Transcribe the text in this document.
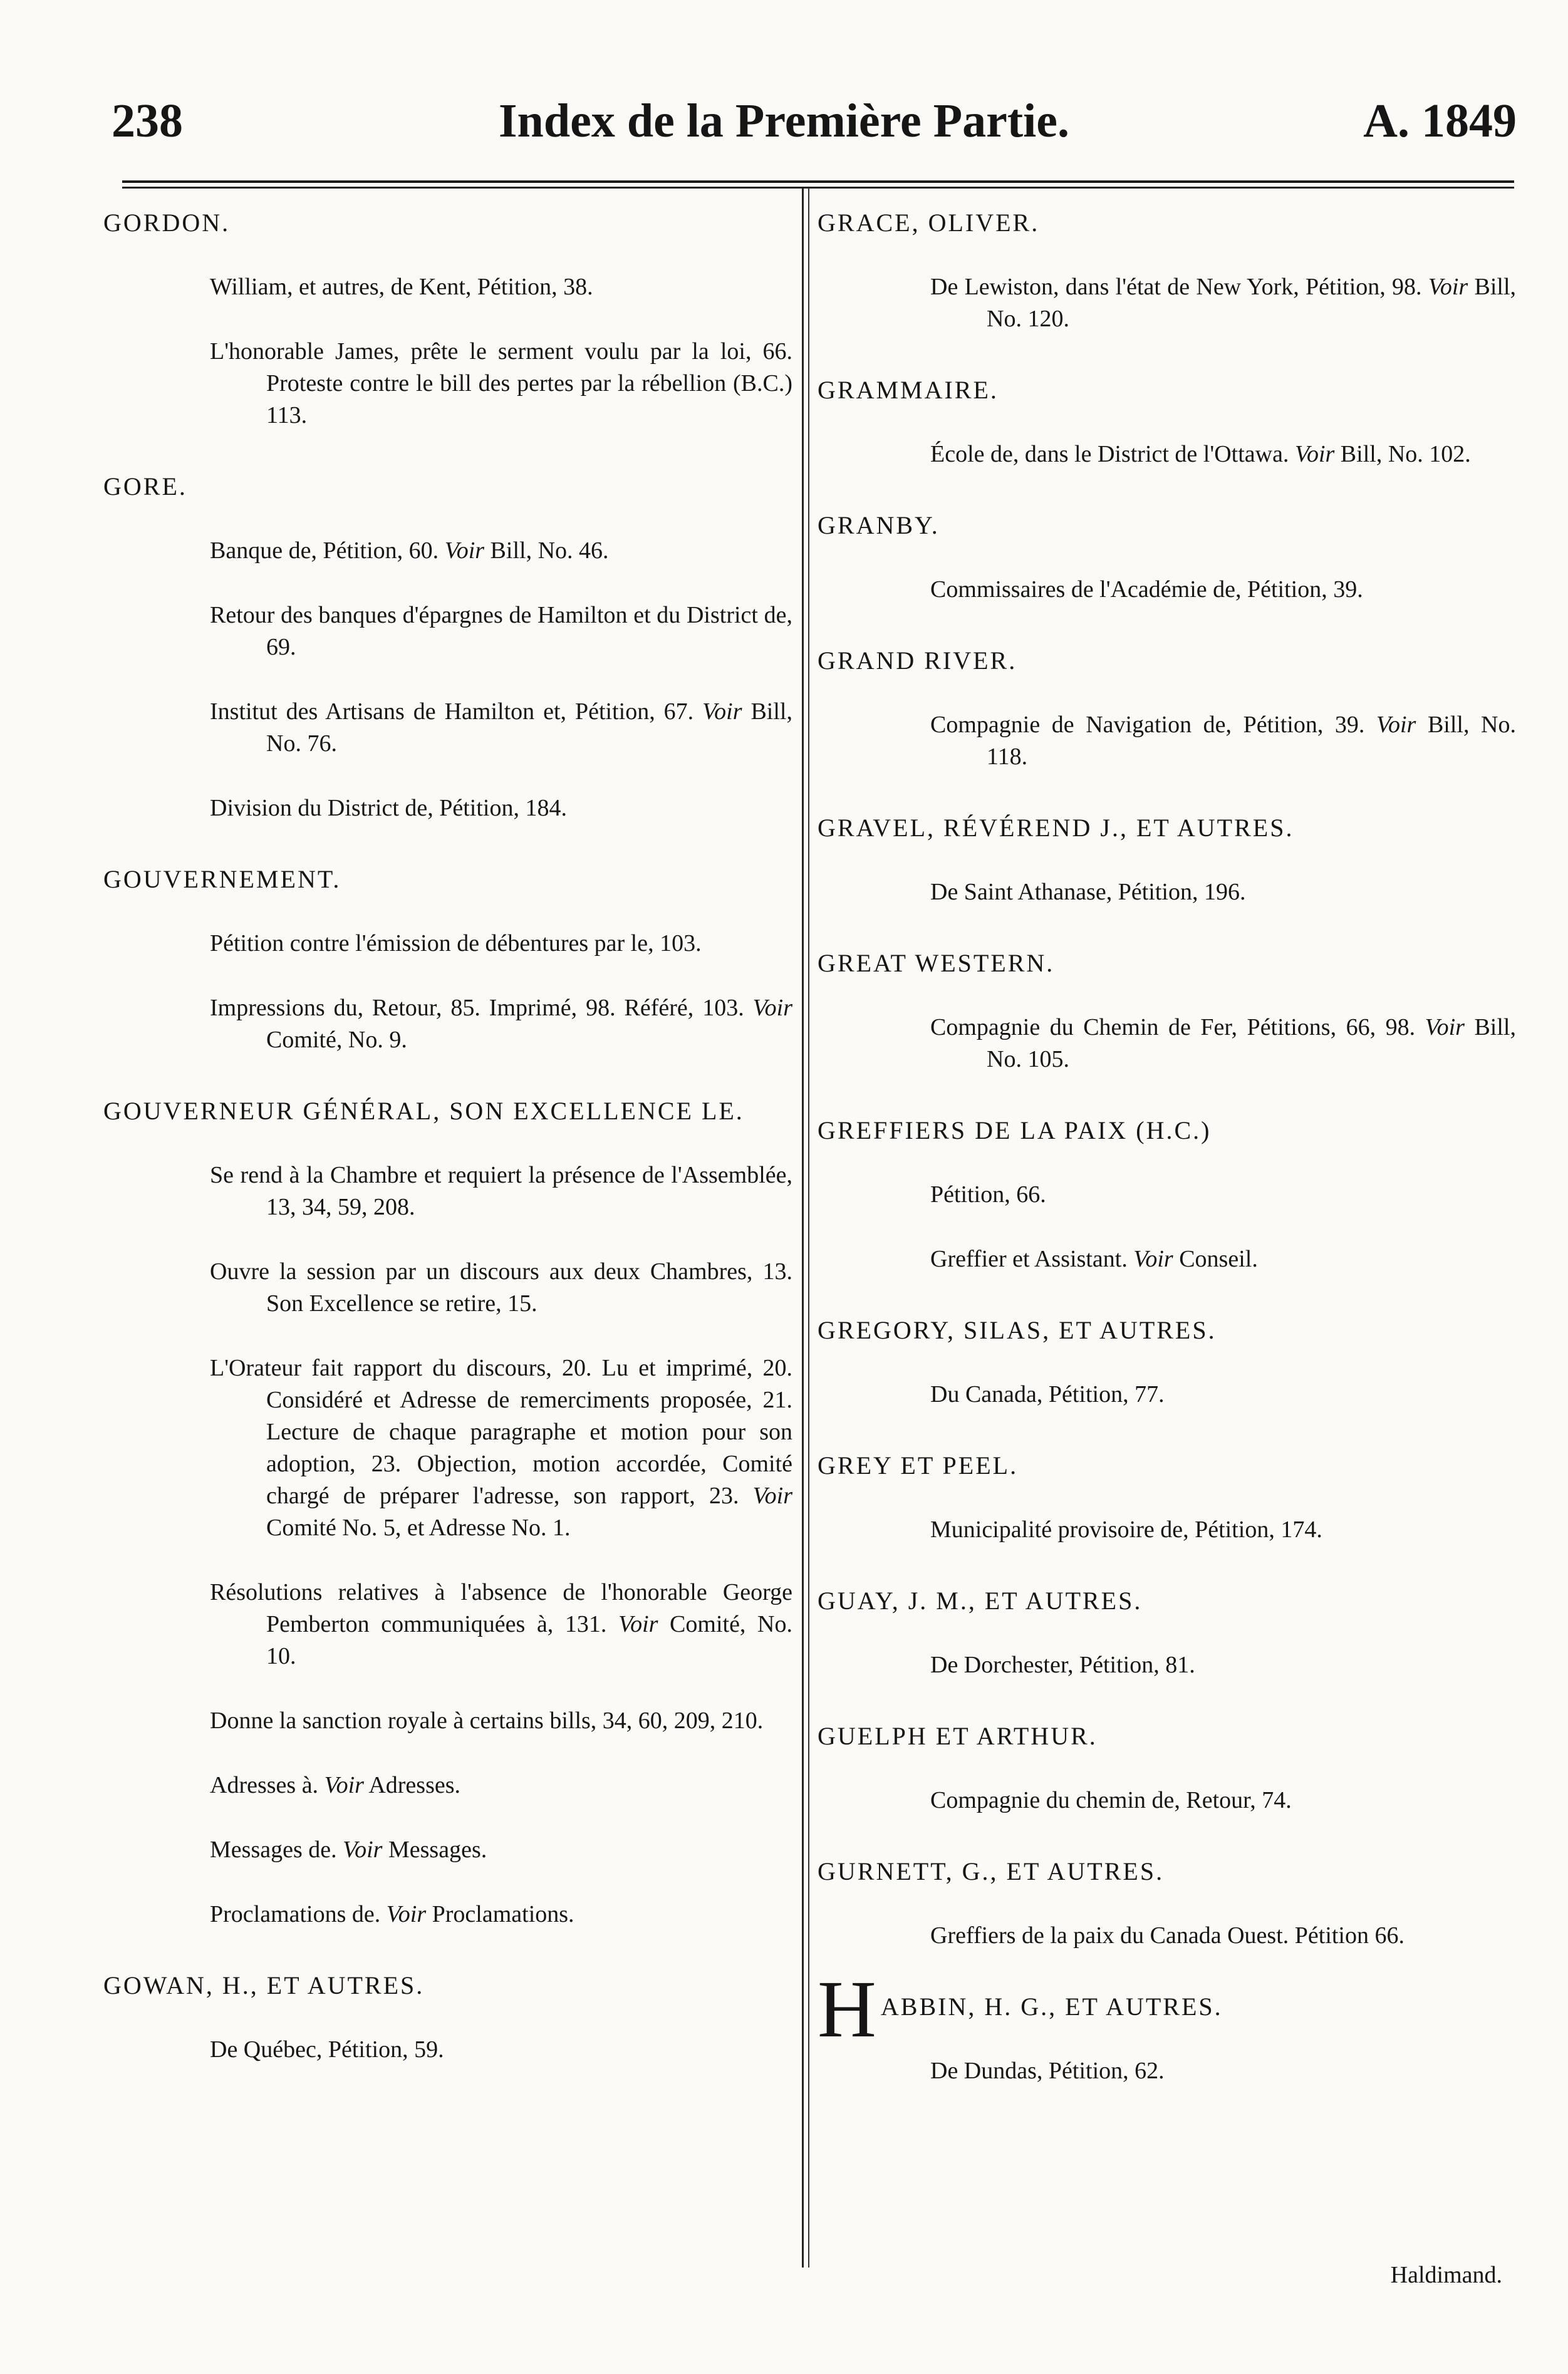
238	Index de la Première Partie.	A. 1849

GORDON.

William, et autres, de Kent, Pétition, 38.

L'honorable James, prête le serment voulu par la loi, 66. Proteste contre le bill des pertes par la rébellion (B.C.) 113.

GORE.

Banque de, Pétition, 60. Voir Bill, No. 46.

Retour des banques d'épargnes de Hamilton et du District de, 69.

Institut des Artisans de Hamilton et, Pétition, 67. Voir Bill, No. 76.

Division du District de, Pétition, 184.

GOUVERNEMENT.

Pétition contre l'émission de débentures par le, 103.

Impressions du, Retour, 85. Imprimé, 98. Référé, 103. Voir Comité, No. 9.

GOUVERNEUR GÉNÉRAL, SON EXCELLENCE LE.

Se rend à la Chambre et requiert la présence de l'Assemblée, 13, 34, 59, 208.

Ouvre la session par un discours aux deux Chambres, 13. Son Excellence se retire, 15.

L'Orateur fait rapport du discours, 20. Lu et imprimé, 20. Considéré et Adresse de remerciments proposée, 21. Lecture de chaque paragraphe et motion pour son adoption, 23. Objection, motion accordée, Comité chargé de préparer l'adresse, son rapport, 23. Voir Comité No. 5, et Adresse No. 1.

Résolutions relatives à l'absence de l'honorable George Pemberton communiquées à, 131. Voir Comité, No. 10.

Donne la sanction royale à certains bills, 34, 60, 209, 210.

Adresses à. Voir Adresses.

Messages de. Voir Messages.

Proclamations de. Voir Proclamations.

GOWAN, H., ET AUTRES.

De Québec, Pétition, 59.

GRACE, OLIVER.

De Lewiston, dans l'état de New York, Pétition, 98. Voir Bill, No. 120.

GRAMMAIRE.

École de, dans le District de l'Ottawa. Voir Bill, No. 102.

GRANBY.

Commissaires de l'Académie de, Pétition, 39.

GRAND RIVER.

Compagnie de Navigation de, Pétition, 39. Voir Bill, No. 118.

GRAVEL, RÉVÉREND J., ET AUTRES.

De Saint Athanase, Pétition, 196.

GREAT WESTERN.

Compagnie du Chemin de Fer, Pétitions, 66, 98. Voir Bill, No. 105.

GREFFIERS DE LA PAIX (H.C.)

Pétition, 66.

Greffier et Assistant. Voir Conseil.

GREGORY, SILAS, ET AUTRES.

Du Canada, Pétition, 77.

GREY ET PEEL.

Municipalité provisoire de, Pétition, 174.

GUAY, J. M., ET AUTRES.

De Dorchester, Pétition, 81.

GUELPH ET ARTHUR.

Compagnie du chemin de, Retour, 74.

GURNETT, G., ET AUTRES.

Greffiers de la paix du Canada Ouest. Pétition 66.

HABBIN, H. G., ET AUTRES.

De Dundas, Pétition, 62.

Haldimand.
